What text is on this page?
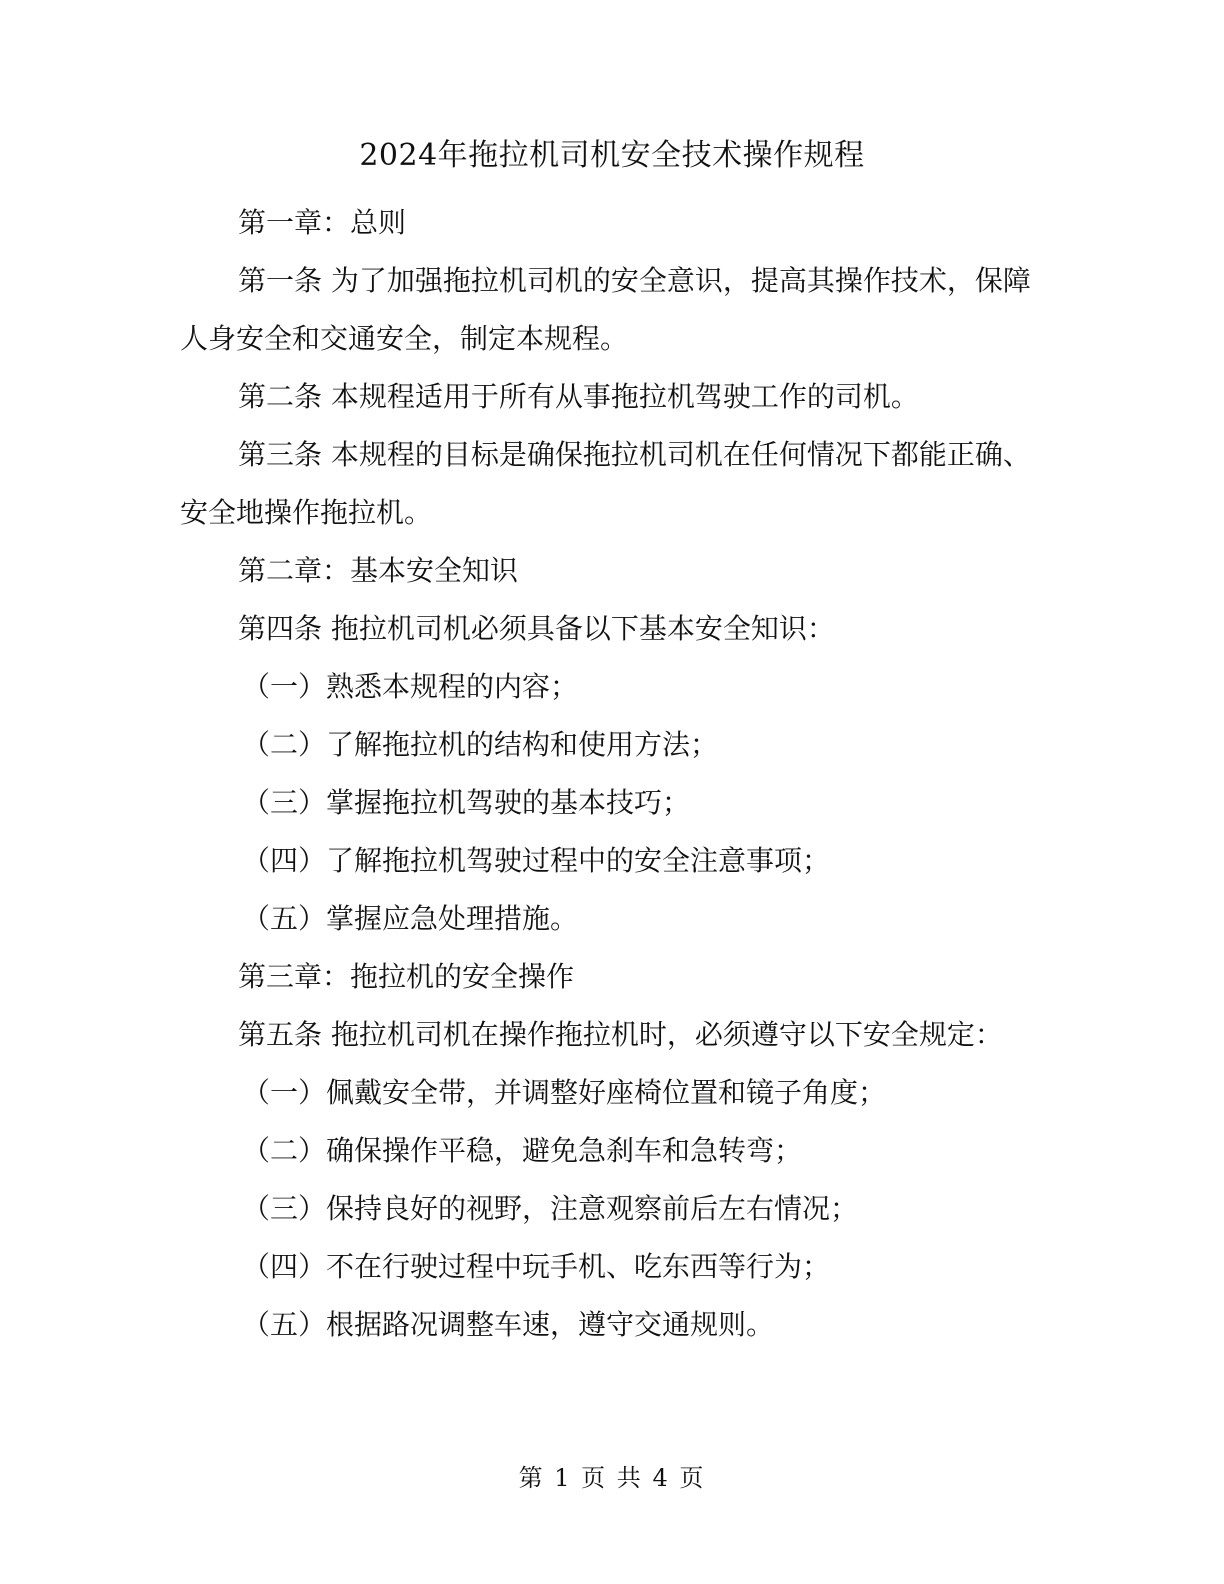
2024年拖拉机司机安全技术操作规程

第一章：总则

第一条 为了加强拖拉机司机的安全意识，提高其操作技术，保障人身安全和交通安全，制定本规程。

第二条 本规程适用于所有从事拖拉机驾驶工作的司机。

第三条 本规程的目标是确保拖拉机司机在任何情况下都能正确、安全地操作拖拉机。

第二章：基本安全知识

第四条 拖拉机司机必须具备以下基本安全知识：

（一）熟悉本规程的内容；

（二）了解拖拉机的结构和使用方法；

（三）掌握拖拉机驾驶的基本技巧；

（四）了解拖拉机驾驶过程中的安全注意事项；

（五）掌握应急处理措施。

第三章：拖拉机的安全操作

第五条 拖拉机司机在操作拖拉机时，必须遵守以下安全规定：

（一）佩戴安全带，并调整好座椅位置和镜子角度；

（二）确保操作平稳，避免急刹车和急转弯；

（三）保持良好的视野，注意观察前后左右情况；

（四）不在行驶过程中玩手机、吃东西等行为；

（五）根据路况调整车速，遵守交通规则。

第 1 页 共 4 页
